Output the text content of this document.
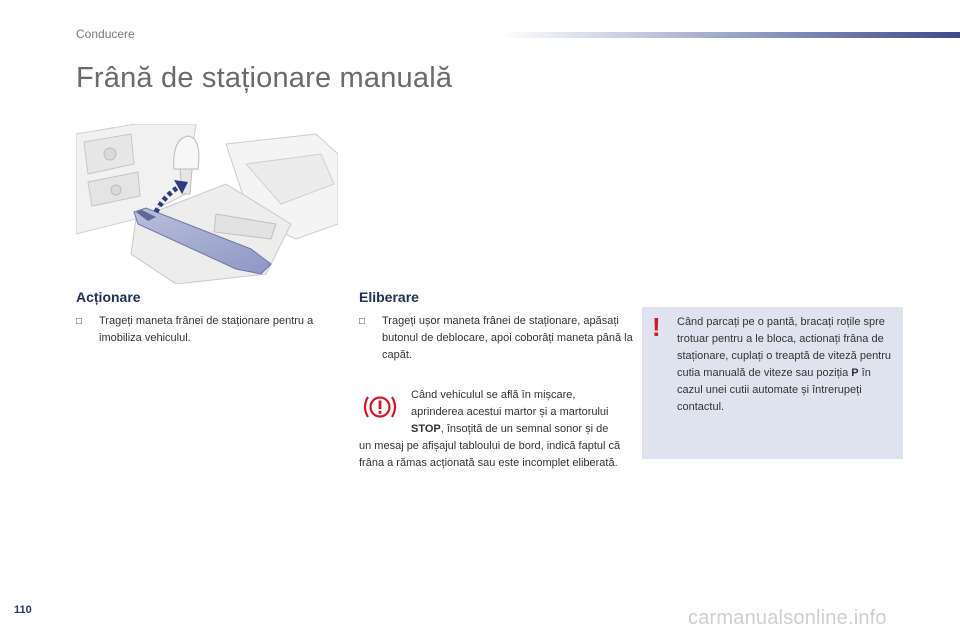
Conducere
Frână de staționare manuală
Acționare
□ Trageți maneta frânei de staționare pentru a imobiliza vehiculul.
Eliberare
□ Trageți ușor maneta frânei de staționare, apăsați butonul de deblocare, apoi coborâți maneta până la capăt.
Când vehiculul se află în mișcare, aprinderea acestui martor și a martorului STOP, însoțită de un semnal sonor și de un mesaj pe afișajul tabloului de bord, indică faptul că frâna a rămas acționată sau este incomplet eliberată.
! Când parcați pe o pantă, bracați roțile spre trotuar pentru a le bloca, actionați frâna de staționare, cuplați o treaptă de viteză pentru cutia manuală de viteze sau poziția P în cazul unei cutii automate și întrerupeți contactul.
110	carmanualsonline.info
